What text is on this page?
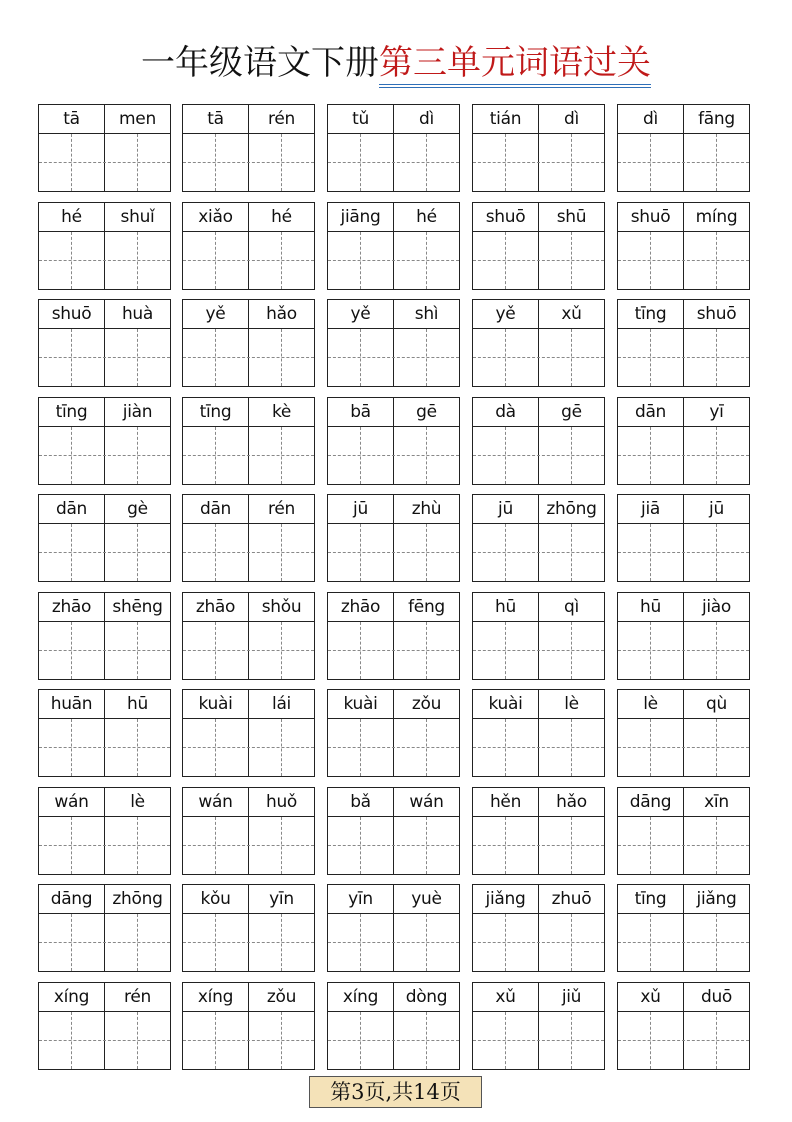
一年级语文下册第三单元词语过关
tā	men	tā	rén	tǔ	dì	tián	dì	dì	fāng
hé	shuǐ	xiǎo	hé	jiāng	hé	shuō	shū	shuō	míng
shuō	huà	yě	hǎo	yě	shì	yě	xǔ	tīng	shuō
tīng	jiàn	tīng	kè	bā	gē	dà	gē	dān	yī
dān	gè	dān	rén	jū	zhù	jū	zhōng	jiā	jū
zhāo	shēng	zhāo	shǒu	zhāo	fēng	hū	qì	hū	jiào
huān	hū	kuài	lái	kuài	zǒu	kuài	lè	lè	qù
wán	lè	wán	huǒ	bǎ	wán	hěn	hǎo	dāng	xīn
dāng	zhōng	kǒu	yīn	yīn	yuè	jiǎng	zhuō	tīng	jiǎng
xíng	rén	xíng	zǒu	xíng	dòng	xǔ	jiǔ	xǔ	duō
第3页,共14页
